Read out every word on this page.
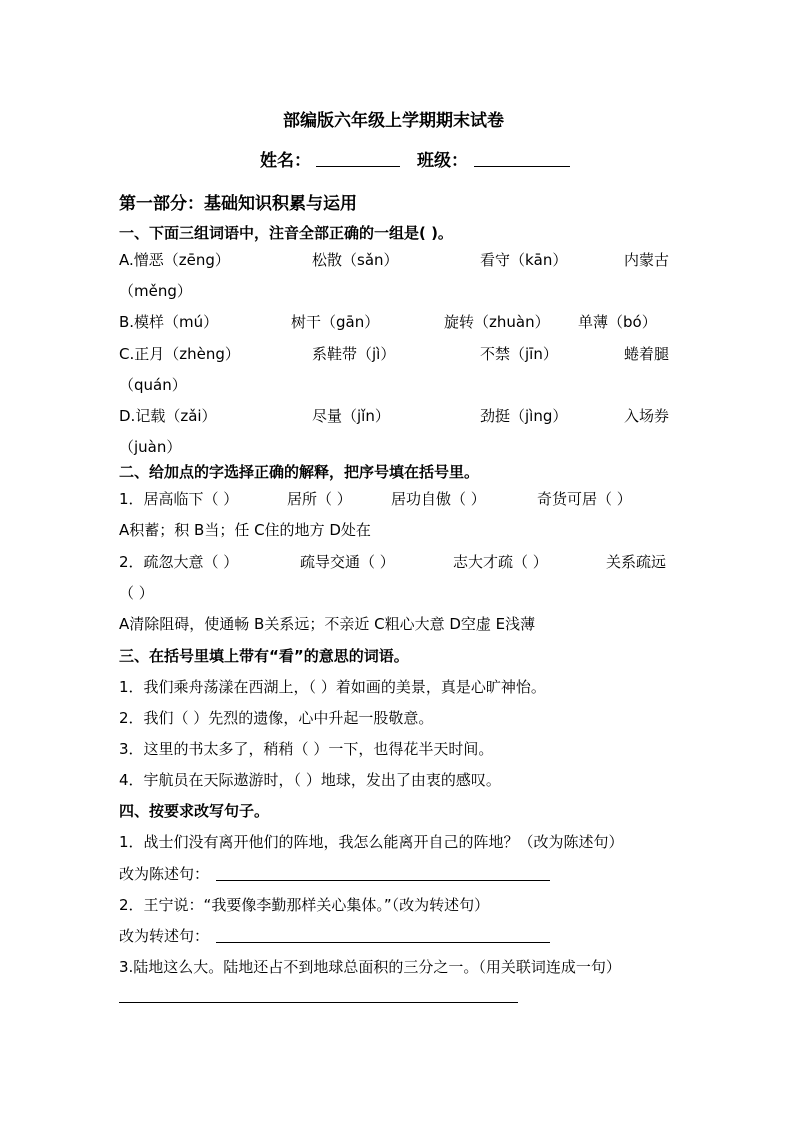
部编版六年级上学期期末试卷
姓名：	班级：
第一部分：基础知识积累与运用
一、下面三组词语中，注音全部正确的一组是( )。
A.憎恶（zēng）	松散（sǎn）	看守（kān）	内蒙古
（měng）
B.模样（mú）	树干（gān）	旋转（zhuàn） 单薄（bó）
C.正月（zhèng）	系鞋带（jì）	不禁（jīn）	蜷着腿
（quán）
D.记载（zǎi）	尽量（jǐn）	劲挺（jìng）	入场券
（juàn）
二、给加点的字选择正确的解释，把序号填在括号里。
1．居高临下（ ）	居所（ ）	居功自傲（ ）	奇货可居（ ）
A积蓄；积 B当；任 C住的地方 D处在
2．疏忽大意（ ）	疏导交通（ ）	志大才疏（ ）	关系疏远
（ ）
A清除阻碍，使通畅 B关系远；不亲近 C粗心大意 D空虚 E浅薄
三、在括号里填上带有“看”的意思的词语。
1．我们乘舟荡漾在西湖上，（ ）着如画的美景，真是心旷神怡。
2．我们（ ）先烈的遗像，心中升起一股敬意。
3．这里的书太多了，稍稍（ ）一下，也得花半天时间。
4．宇航员在天际遨游时，（ ）地球，发出了由衷的感叹。
四、按要求改写句子。
1．战士们没有离开他们的阵地，我怎么能离开自己的阵地？（改为陈述句）
改为陈述句：
2．王宁说：“我要像李勤那样关心集体。”（改为转述句）
改为转述句：
3.陆地这么大。陆地还占不到地球总面积的三分之一。（用关联词连成一句）
